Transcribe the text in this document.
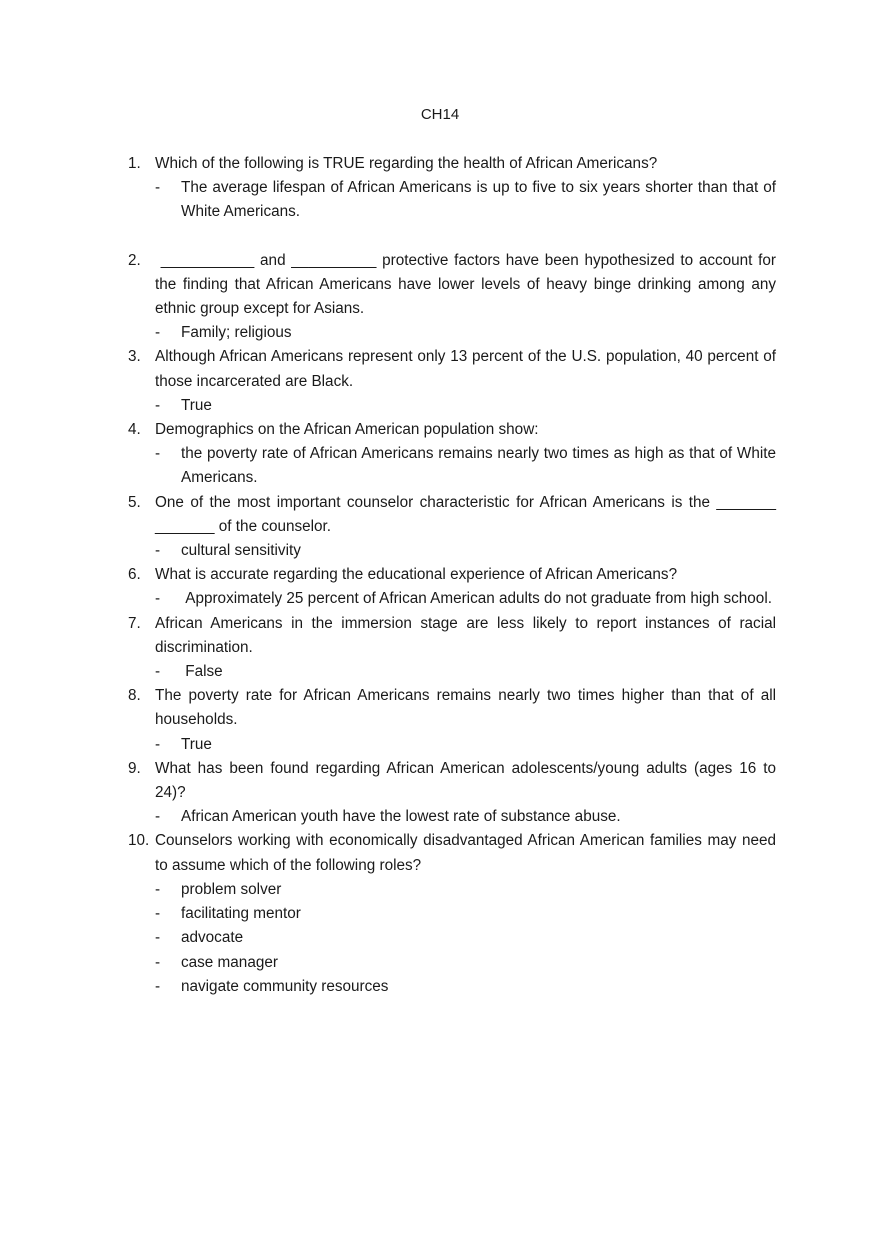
CH14
1. Which of the following is TRUE regarding the health of African Americans?
- The average lifespan of African Americans is up to five to six years shorter than that of White Americans.
2. ___________ and __________ protective factors have been hypothesized to account for the finding that African Americans have lower levels of heavy binge drinking among any ethnic group except for Asians.
- Family; religious
3. Although African Americans represent only 13 percent of the U.S. population, 40 percent of those incarcerated are Black.
- True
4. Demographics on the African American population show:
- the poverty rate of African Americans remains nearly two times as high as that of White Americans.
5. One of the most important counselor characteristic for African Americans is the _______ _______ of the counselor.
- cultural sensitivity
6. What is accurate regarding the educational experience of African Americans?
- Approximately 25 percent of African American adults do not graduate from high school.
7. African Americans in the immersion stage are less likely to report instances of racial discrimination.
- False
8. The poverty rate for African Americans remains nearly two times higher than that of all households.
- True
9. What has been found regarding African American adolescents/young adults (ages 16 to 24)?
- African American youth have the lowest rate of substance abuse.
10. Counselors working with economically disadvantaged African American families may need to assume which of the following roles?
- problem solver
- facilitating mentor
- advocate
- case manager
- navigate community resources
